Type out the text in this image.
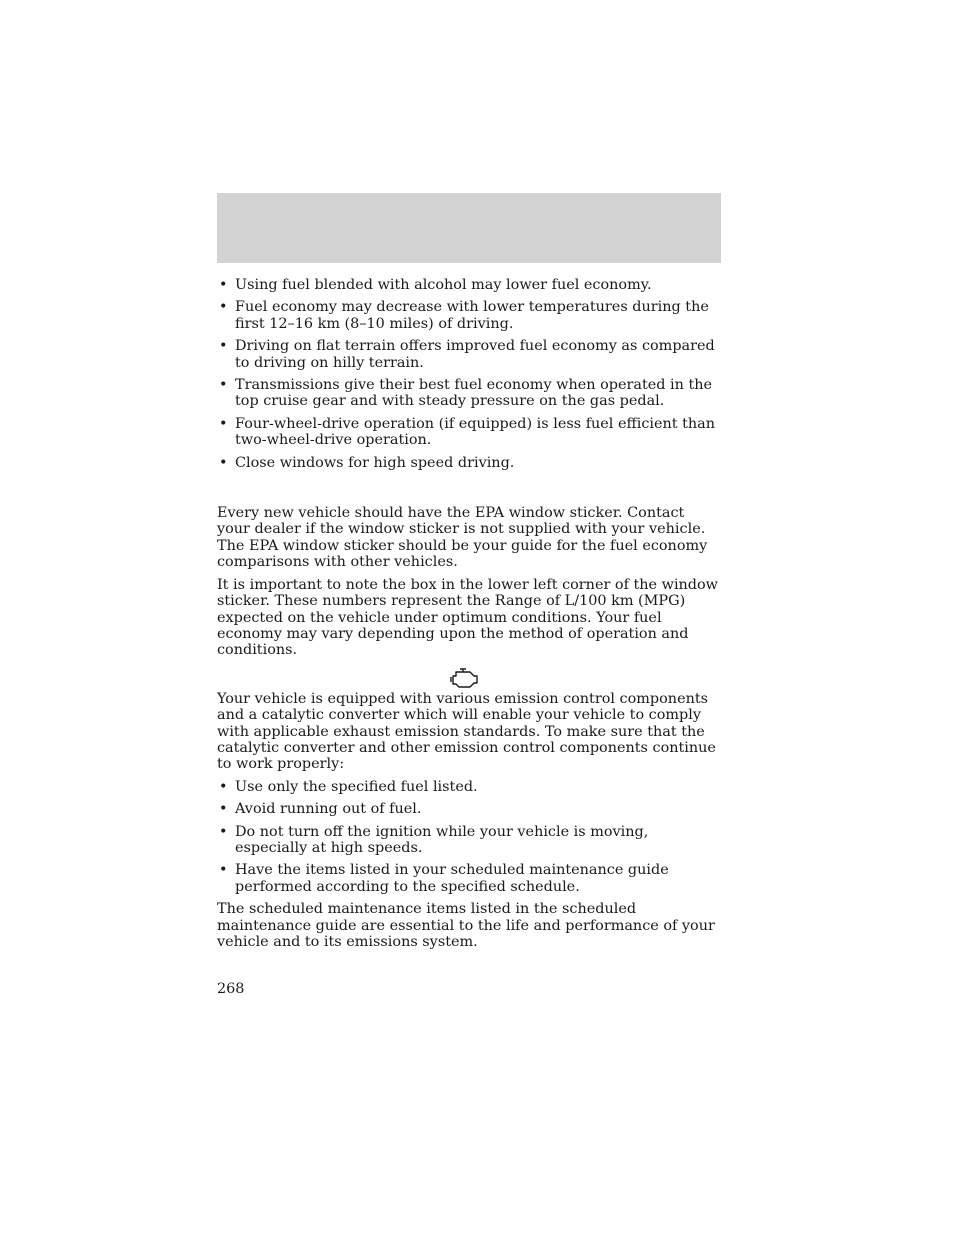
• Using fuel blended with alcohol may lower fuel economy.
• Fuel economy may decrease with lower temperatures during the first 12–16 km (8–10 miles) of driving.
• Driving on flat terrain offers improved fuel economy as compared to driving on hilly terrain.
• Transmissions give their best fuel economy when operated in the top cruise gear and with steady pressure on the gas pedal.
• Four-wheel-drive operation (if equipped) is less fuel efficient than two-wheel-drive operation.
• Close windows for high speed driving.

Every new vehicle should have the EPA window sticker. Contact your dealer if the window sticker is not supplied with your vehicle. The EPA window sticker should be your guide for the fuel economy comparisons with other vehicles.

It is important to note the box in the lower left corner of the window sticker. These numbers represent the Range of L/100 km (MPG) expected on the vehicle under optimum conditions. Your fuel economy may vary depending upon the method of operation and conditions.

Your vehicle is equipped with various emission control components and a catalytic converter which will enable your vehicle to comply with applicable exhaust emission standards. To make sure that the catalytic converter and other emission control components continue to work properly:

• Use only the specified fuel listed.
• Avoid running out of fuel.
• Do not turn off the ignition while your vehicle is moving, especially at high speeds.
• Have the items listed in your scheduled maintenance guide performed according to the specified schedule.

The scheduled maintenance items listed in the scheduled maintenance guide are essential to the life and performance of your vehicle and to its emissions system.

268
